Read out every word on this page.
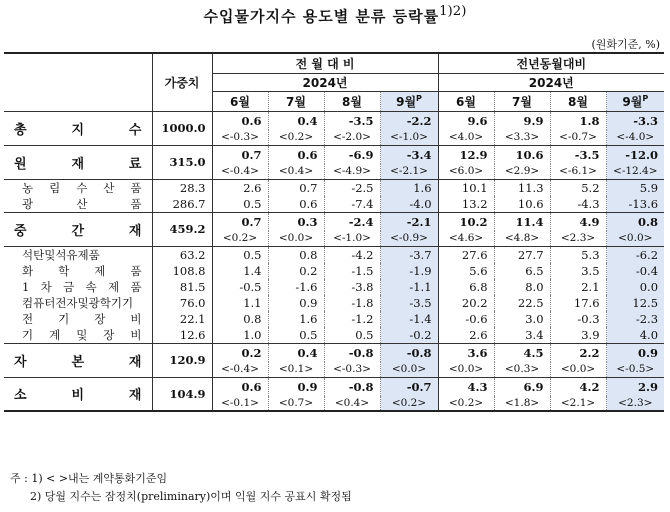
수입물가지수 용도별 분류 등락률$^{1)2)}$
(원화기준, %)
	가중치	전 월 대 비				전년동월대비			
		2024년				2024년			
		6월	7월	8월	9월$^P$	6월	7월	8월	9월$^P$
총 지 수	1000.0	0.6	0.4	-3.5	-2.2	9.6	9.9	1.8	-3.3
		<-0.3>	<0.2>	<-2.0>	<-1.0>	<4.0>	<3.3>	<-0.7>	<-4.0>
원 재 료	315.0	0.7	0.6	-6.9	-3.4	12.9	10.6	-3.5	-12.0
		<-0.4>	<0.4>	<-4.9>	<-2.1>	<6.0>	<2.9>	<-6.1>	<-12.4>
농 림 수 산 품	28.3	2.6	0.7	-2.5	1.6	10.1	11.3	5.2	5.9
광 산 품	286.7	0.5	0.6	-7.4	-4.0	13.2	10.6	-4.3	-13.6
중 간 재	459.2	0.7	0.3	-2.4	-2.1	10.2	11.4	4.9	0.8
		<0.2>	<0.0>	<-1.0>	<-0.9>	<4.6>	<4.8>	<2.3>	<0.0>
석탄및석유제품	63.2	0.5	0.8	-4.2	-3.7	27.6	27.7	5.3	-6.2
화 학 제 품	108.8	1.4	0.2	-1.5	-1.9	5.6	6.5	3.5	-0.4
1 차 금 속 제 품	81.5	-0.5	-1.6	-3.8	-1.1	6.8	8.0	2.1	0.0
컴퓨터전자및광학기기	76.0	1.1	0.9	-1.8	-3.5	20.2	22.5	17.6	12.5
전 기 장 비	22.1	0.8	1.6	-1.2	-1.4	-0.6	3.0	-0.3	-2.3
기 계 및 장 비	12.6	1.0	0.5	0.5	-0.2	2.6	3.4	3.9	4.0
자 본 재	120.9	0.2	0.4	-0.8	-0.8	3.6	4.5	2.2	0.9
		<-0.4>	<0.1>	<-0.3>	<0.0>	<0.0>	<0.3>	<0.0>	<-0.5>
소 비 재	104.9	0.6	0.9	-0.8	-0.7	4.3	6.9	4.2	2.9
		<-0.1>	<0.7>	<0.4>	<0.2>	<0.2>	<1.8>	<2.1>	<2.3>
주 : 1) < >내는 계약통화기준임
2) 당월 지수는 잠정치(preliminary)이며 익월 지수 공표시 확정됨
